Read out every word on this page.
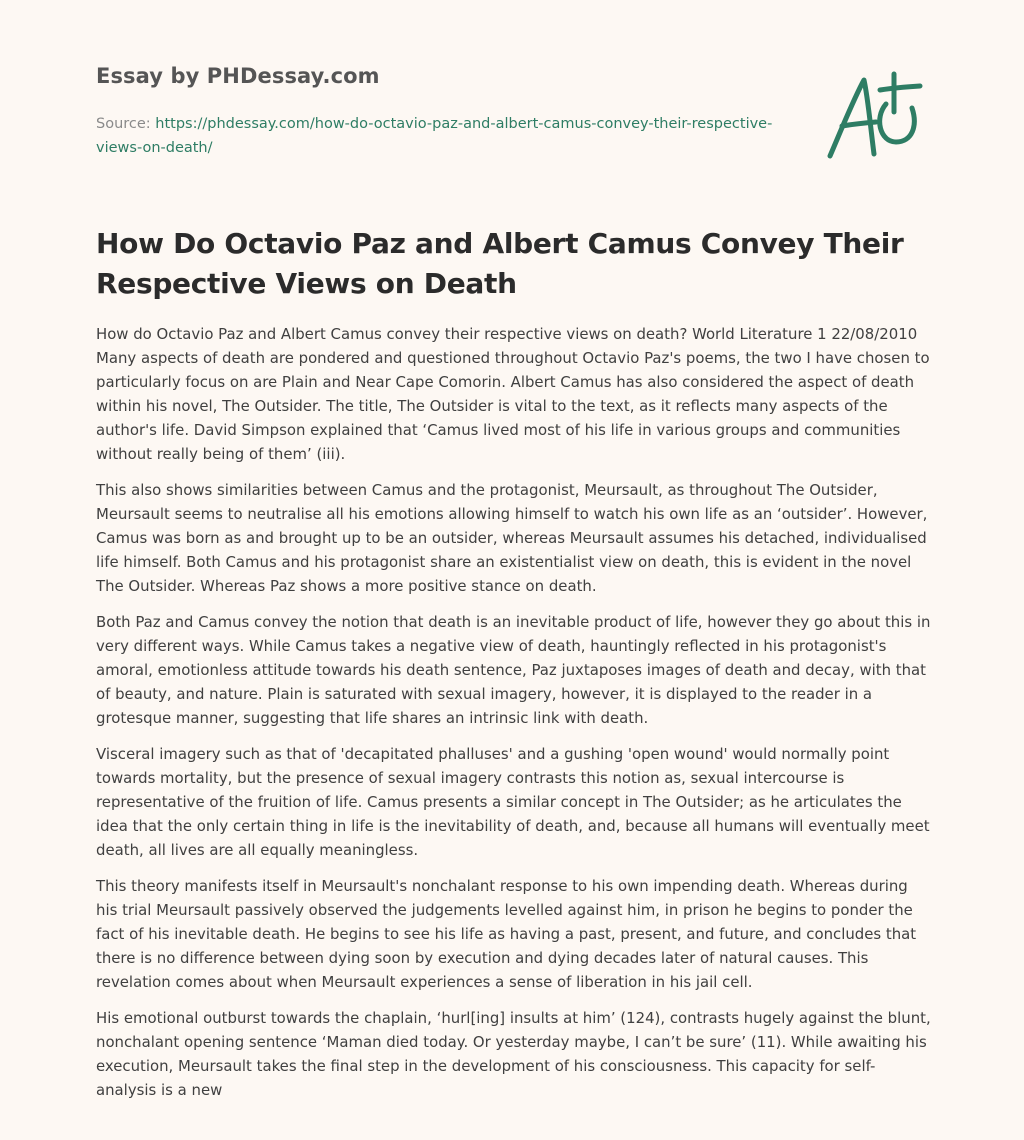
Essay by PHDessay.com
Source: https://phdessay.com/how-do-octavio-paz-and-albert-camus-convey-their-respective-views-on-death/
How Do Octavio Paz and Albert Camus Convey Their Respective Views on Death

How do Octavio Paz and Albert Camus convey their respective views on death? World Literature 1 22/08/2010 Many aspects of death are pondered and questioned throughout Octavio Paz's poems, the two I have chosen to particularly focus on are Plain and Near Cape Comorin. Albert Camus has also considered the aspect of death within his novel, The Outsider. The title, The Outsider is vital to the text, as it reflects many aspects of the author's life. David Simpson explained that ‘Camus lived most of his life in various groups and communities without really being of them’ (iii).

This also shows similarities between Camus and the protagonist, Meursault, as throughout The Outsider, Meursault seems to neutralise all his emotions allowing himself to watch his own life as an ‘outsider’. However, Camus was born as and brought up to be an outsider, whereas Meursault assumes his detached, individualised life himself. Both Camus and his protagonist share an existentialist view on death, this is evident in the novel The Outsider. Whereas Paz shows a more positive stance on death.

Both Paz and Camus convey the notion that death is an inevitable product of life, however they go about this in very different ways. While Camus takes a negative view of death, hauntingly reflected in his protagonist's amoral, emotionless attitude towards his death sentence, Paz juxtaposes images of death and decay, with that of beauty, and nature. Plain is saturated with sexual imagery, however, it is displayed to the reader in a grotesque manner, suggesting that life shares an intrinsic link with death.

Visceral imagery such as that of 'decapitated phalluses' and a gushing 'open wound' would normally point towards mortality, but the presence of sexual imagery contrasts this notion as, sexual intercourse is representative of the fruition of life. Camus presents a similar concept in The Outsider; as he articulates the idea that the only certain thing in life is the inevitability of death, and, because all humans will eventually meet death, all lives are all equally meaningless.

This theory manifests itself in Meursault's nonchalant response to his own impending death. Whereas during his trial Meursault passively observed the judgements levelled against him, in prison he begins to ponder the fact of his inevitable death. He begins to see his life as having a past, present, and future, and concludes that there is no difference between dying soon by execution and dying decades later of natural causes. This revelation comes about when Meursault experiences a sense of liberation in his jail cell.

His emotional outburst towards the chaplain, ‘hurl[ing] insults at him’ (124), contrasts hugely against the blunt, nonchalant opening sentence ‘Maman died today. Or yesterday maybe, I can’t be sure’ (11). While awaiting his execution, Meursault takes the final step in the development of his consciousness. This capacity for self-analysis is a new
